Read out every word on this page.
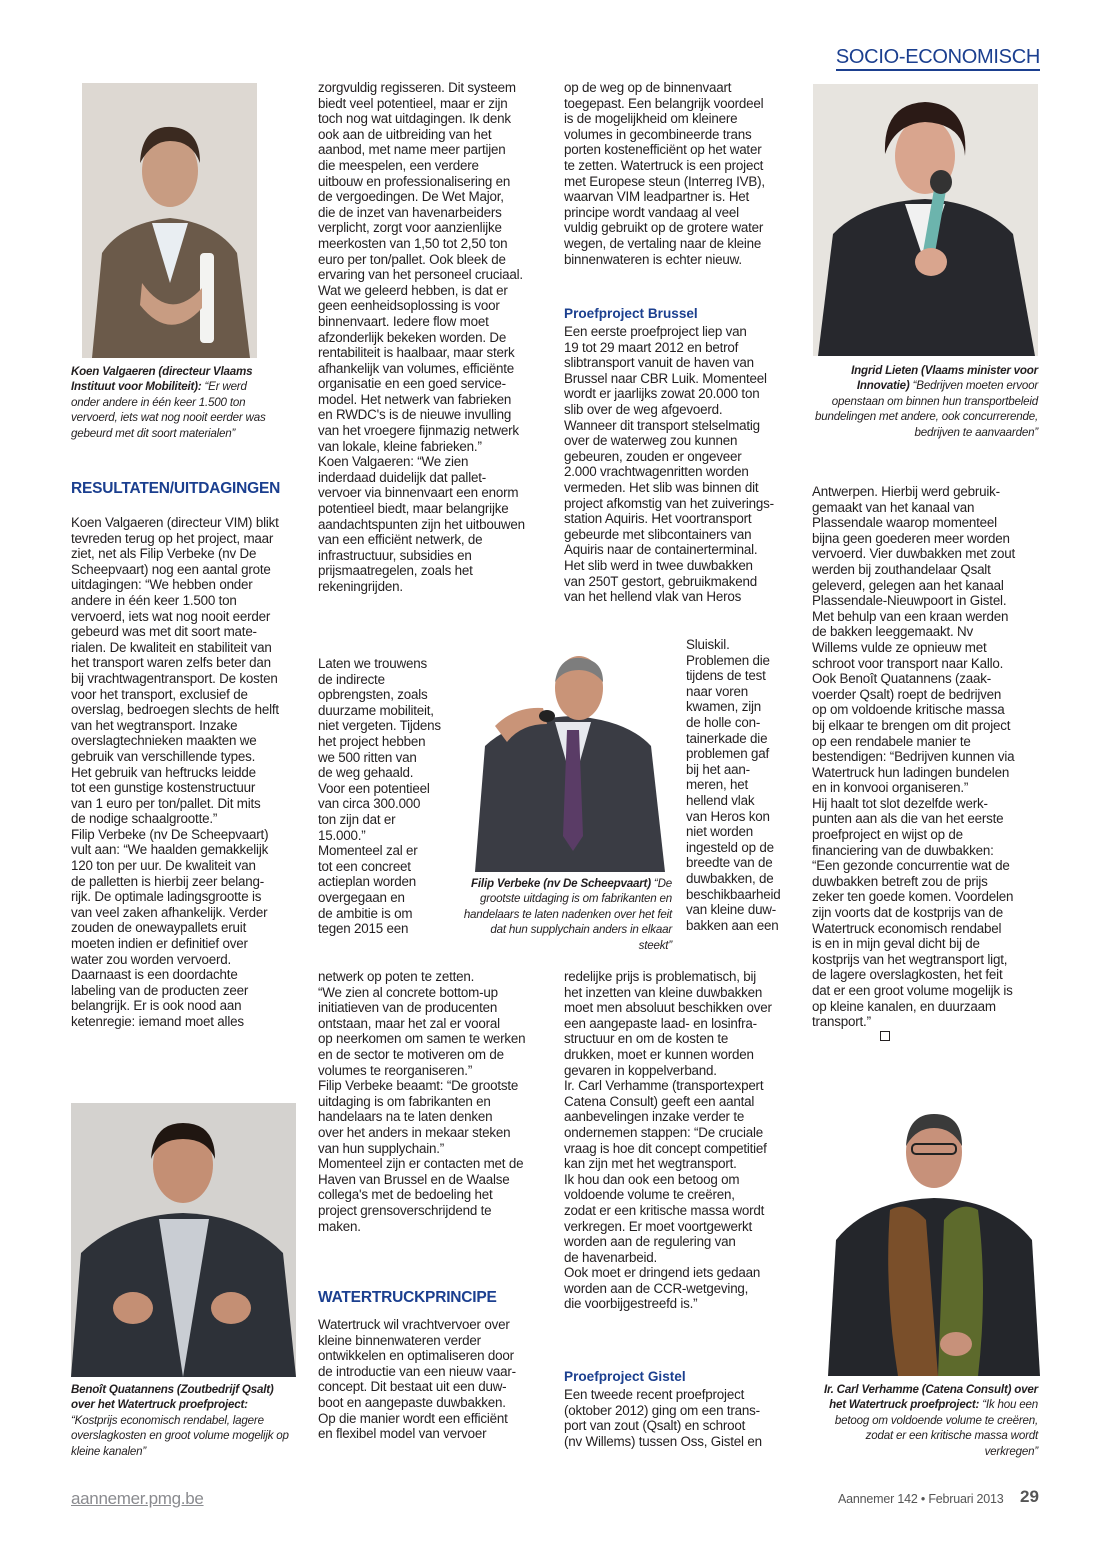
SOCIO-ECONOMISCH
Koen Valgaeren (directeur Vlaams Instituut voor Mobiliteit): “Er werd onder andere in één keer 1.500 ton vervoerd, iets wat nog nooit eerder was gebeurd met dit soort materialen”
Ingrid Lieten (Vlaams minister voor Innovatie) “Bedrijven moeten ervoor openstaan om binnen hun transportbeleid bundelingen met andere, ook concurrerende, bedrijven te aanvaarden”
Filip Verbeke (nv De Scheepvaart) “De grootste uitdaging is om fabrikanten en handelaars te laten nadenken over het feit dat hun supplychain anders in elkaar steekt”
Benoît Quatannens (Zoutbedrijf Qsalt) over het Watertruck proefproject: “Kostprijs economisch rendabel, lagere overslagkosten en groot volume mogelijk op kleine kanalen”
Ir. Carl Verhamme (Catena Consult) over het Watertruck proefproject: “Ik hou een betoog om voldoende volume te creëren, zodat er een kritische massa wordt verkregen”
RESULTATEN/UITDAGINGEN
WATERTRUCKPRINCIPE
Proefproject Brussel
Proefproject Gistel
Koen Valgaeren (directeur VIM) blikt
tevreden terug op het project, maar
ziet, net als Filip Verbeke (nv De
Scheepvaart) nog een aantal grote
uitdagingen: “We hebben onder
andere in één keer 1.500 ton
vervoerd, iets wat nog nooit eerder
gebeurd was met dit soort mate-
rialen. De kwaliteit en stabiliteit van
het transport waren zelfs beter dan
bij vrachtwagentransport. De kosten
voor het transport, exclusief de
overslag, bedroegen slechts de helft
van het wegtransport. Inzake
overslagtechnieken maakten we
gebruik van verschillende types.
Het gebruik van heftrucks leidde
tot een gunstige kostenstructuur
van 1 euro per ton/pallet. Dit mits
de nodige schaalgrootte.”
Filip Verbeke (nv De Scheepvaart)
vult aan: “We haalden gemakkelijk
120 ton per uur. De kwaliteit van
de palletten is hierbij zeer belang-
rijk. De optimale ladingsgrootte is
van veel zaken afhankelijk. Verder
zouden de onewaypallets eruit
moeten indien er definitief over
water zou worden vervoerd.
Daarnaast is een doordachte
labeling van de producten zeer
belangrijk. Er is ook nood aan
ketenregie: iemand moet alles
zorgvuldig regisseren. Dit systeem
biedt veel potentieel, maar er zijn
toch nog wat uitdagingen. Ik denk
ook aan de uitbreiding van het
aanbod, met name meer partijen
die meespelen, een verdere
uitbouw en professionalisering en
de vergoedingen. De Wet Major,
die de inzet van havenarbeiders
verplicht, zorgt voor aanzienlijke
meerkosten van 1,50 tot 2,50 ton
euro per ton/pallet. Ook bleek de
ervaring van het personeel cruciaal.
Wat we geleerd hebben, is dat er
geen eenheidsoplossing is voor
binnenvaart. Iedere flow moet
afzonderlijk bekeken worden. De
rentabiliteit is haalbaar, maar sterk
afhankelijk van volumes, efficiënte
organisatie en een goed service-
model. Het netwerk van fabrieken
en RWDC's is de nieuwe invulling
van het vroegere fijnmazig netwerk
van lokale, kleine fabrieken.”
Koen Valgaeren: “We zien
inderdaad duidelijk dat pallet-
vervoer via binnenvaart een enorm
potentieel biedt, maar belangrijke
aandachtspunten zijn het uitbouwen
van een efficiënt netwerk, de
infrastructuur, subsidies en
prijsmaatregelen, zoals het
rekeningrijden.
Laten we trouwens
de indirecte
opbrengsten, zoals
duurzame mobiliteit,
niet vergeten. Tijdens
het project hebben
we 500 ritten van
de weg gehaald.
Voor een potentieel
van circa 300.000
ton zijn dat er
15.000.”
Momenteel zal er
tot een concreet
actieplan worden
overgegaan en
de ambitie is om
tegen 2015 een
netwerk op poten te zetten.
“We zien al concrete bottom-up
initiatieven van de producenten
ontstaan, maar het zal er vooral
op neerkomen om samen te werken
en de sector te motiveren om de
volumes te reorganiseren.”
Filip Verbeke beaamt: “De grootste
uitdaging is om fabrikanten en
handelaars na te laten denken
over het anders in mekaar steken
van hun supplychain.”
Momenteel zijn er contacten met de
Haven van Brussel en de Waalse
collega's met de bedoeling het
project grensoverschrijdend te
maken.
Watertruck wil vrachtvervoer over
kleine binnenwateren verder
ontwikkelen en optimaliseren door
de introductie van een nieuw vaar-
concept. Dit bestaat uit een duw-
boot en aangepaste duwbakken.
Op die manier wordt een efficiënt
en flexibel model van vervoer
op de weg op de binnenvaart
toegepast. Een belangrijk voordeel
is de mogelijkheid om kleinere
volumes in gecombineerde trans
porten kostenefficiënt op het water
te zetten. Watertruck is een project
met Europese steun (Interreg IVB),
waarvan VIM leadpartner is. Het
principe wordt vandaag al veel
vuldig gebruikt op de grotere water
wegen, de vertaling naar de kleine
binnenwateren is echter nieuw.
Een eerste proefproject liep van
19 tot 29 maart 2012 en betrof
slibtransport vanuit de haven van
Brussel naar CBR Luik. Momenteel
wordt er jaarlijks zowat 20.000 ton
slib over de weg afgevoerd.
Wanneer dit transport stelselmatig
over de waterweg zou kunnen
gebeuren, zouden er ongeveer
2.000 vrachtwagenritten worden
vermeden. Het slib was binnen dit
project afkomstig van het zuiverings-
station Aquiris. Het voortransport
gebeurde met slibcontainers van
Aquiris naar de containerterminal.
Het slib werd in twee duwbakken
van 250T gestort, gebruikmakend
van het hellend vlak van Heros
Sluiskil.
Problemen die
tijdens de test
naar voren
kwamen, zijn
de holle con-
tainerkade die
problemen gaf
bij het aan-
meren, het
hellend vlak
van Heros kon
niet worden
ingesteld op de
breedte van de
duwbakken, de
beschikbaarheid
van kleine duw-
bakken aan een
redelijke prijs is problematisch, bij
het inzetten van kleine duwbakken
moet men absoluut beschikken over
een aangepaste laad- en losinfra-
structuur en om de kosten te
drukken, moet er kunnen worden
gevaren in koppelverband.
Ir. Carl Verhamme (transportexpert
Catena Consult) geeft een aantal
aanbevelingen inzake verder te
ondernemen stappen: “De cruciale
vraag is hoe dit concept competitief
kan zijn met het wegtransport.
Ik hou dan ook een betoog om
voldoende volume te creëren,
zodat er een kritische massa wordt
verkregen. Er moet voortgewerkt
worden aan de regulering van
de havenarbeid.
Ook moet er dringend iets gedaan
worden aan de CCR-wetgeving,
die voorbijgestreefd is.”
Een tweede recent proefproject
(oktober 2012) ging om een trans-
port van zout (Qsalt) en schroot
(nv Willems) tussen Oss, Gistel en
Antwerpen. Hierbij werd gebruik-
gemaakt van het kanaal van
Plassendale waarop momenteel
bijna geen goederen meer worden
vervoerd. Vier duwbakken met zout
werden bij zouthandelaar Qsalt
geleverd, gelegen aan het kanaal
Plassendale-Nieuwpoort in Gistel.
Met behulp van een kraan werden
de bakken leeggemaakt. Nv
Willems vulde ze opnieuw met
schroot voor transport naar Kallo.
Ook Benoît Quatannens (zaak-
voerder Qsalt) roept de bedrijven
op om voldoende kritische massa
bij elkaar te brengen om dit project
op een rendabele manier te
bestendigen: “Bedrijven kunnen via
Watertruck hun ladingen bundelen
en in konvooi organiseren.”
Hij haalt tot slot dezelfde werk-
punten aan als die van het eerste
proefproject en wijst op de
financiering van de duwbakken:
“Een gezonde concurrentie wat de
duwbakken betreft zou de prijs
zeker ten goede komen. Voordelen
zijn voorts dat de kostprijs van de
Watertruck economisch rendabel
is en in mijn geval dicht bij de
kostprijs van het wegtransport ligt,
de lagere overslagkosten, het feit
dat er een groot volume mogelijk is
op kleine kanalen, en duurzaam
transport.”
aannemer.pmg.be	Aannemer 142 • Februari 2013 29
